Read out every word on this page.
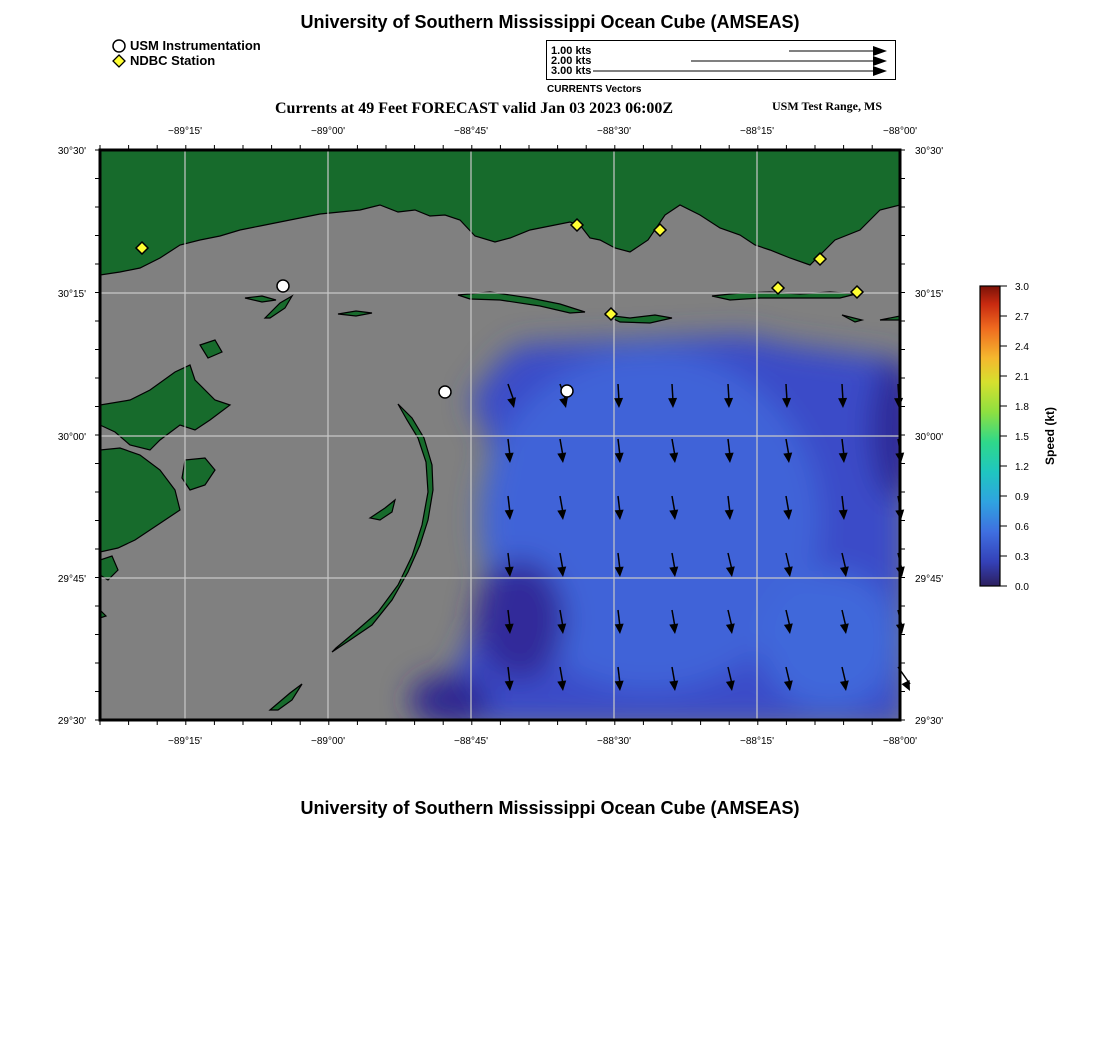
University of Southern Mississippi Ocean Cube (AMSEAS)
USM Instrumentation
NDBC Station
1.00 kts
2.00 kts
3.00 kts
CURRENTS Vectors
Currents at 49 Feet FORECAST valid Jan 03 2023 06:00Z	USM Test Range, MS
−89°15'	−89°00'	−88°45'	−88°30'	−88°15'	−88°00'
−89°15'	−89°00'	−88°45'	−88°30'	−88°15'	−88°00'
30°30'
30°15'
30°00'
29°45'
29°30'
30°30'
30°15'
30°00'
29°45'
29°30'
3.0
2.7
2.4
2.1
1.8
1.5
1.2
0.9
0.6
0.3
0.0
Speed (kt)
University of Southern Mississippi Ocean Cube (AMSEAS)
